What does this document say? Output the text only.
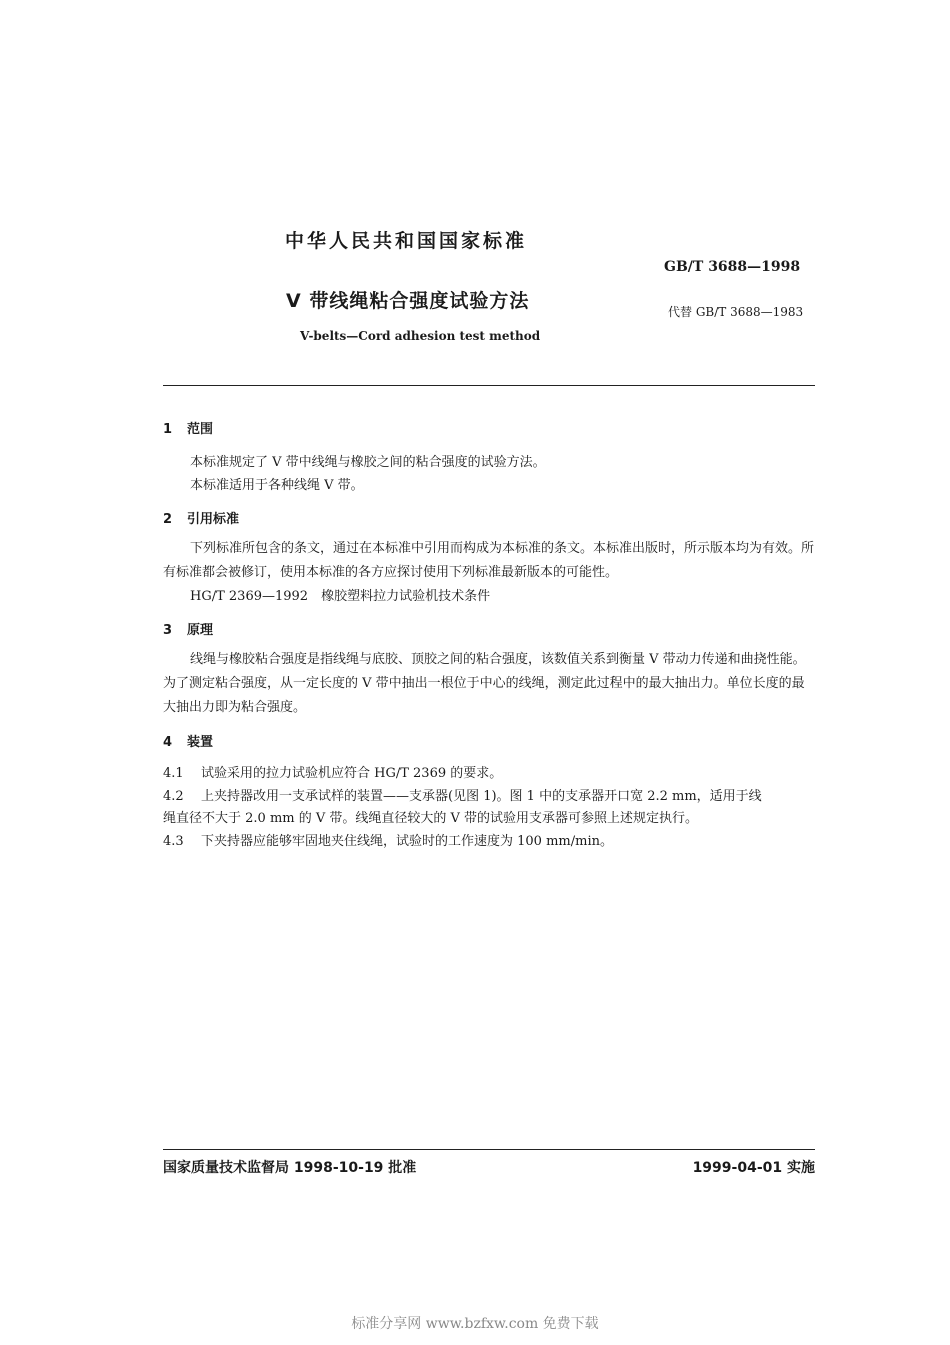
中华人民共和国国家标准
GB/T 3688—1998
V 带线绳粘合强度试验方法	代替 GB/T 3688—1983
V-belts—Cord adhesion test method
1 范围
本标准规定了 V 带中线绳与橡胶之间的粘合强度的试验方法。
本标准适用于各种线绳 V 带。
2 引用标准
下列标准所包含的条文，通过在本标准中引用而构成为本标准的条文。本标准出版时，所示版本均为有效。所有标准都会被修订，使用本标准的各方应探讨使用下列标准最新版本的可能性。
HG/T 2369—1992　橡胶塑料拉力试验机技术条件
3 原理
线绳与橡胶粘合强度是指线绳与底胶、顶胶之间的粘合强度，该数值关系到衡量 V 带动力传递和曲挠性能。为了测定粘合强度，从一定长度的 V 带中抽出一根位于中心的线绳，测定此过程中的最大抽出力。单位长度的最大抽出力即为粘合强度。
4 装置
4.1 试验采用的拉力试验机应符合 HG/T 2369 的要求。
4.2 上夹持器改用一支承试样的装置——支承器(见图 1)。图 1 中的支承器开口宽 2.2 mm，适用于线
绳直径不大于 2.0 mm 的 V 带。线绳直径较大的 V 带的试验用支承器可参照上述规定执行。
4.3 下夹持器应能够牢固地夹住线绳，试验时的工作速度为 100 mm/min。
国家质量技术监督局 1998-10-19 批准	1999-04-01 实施
标准分享网 www.bzfxw.com 免费下载
